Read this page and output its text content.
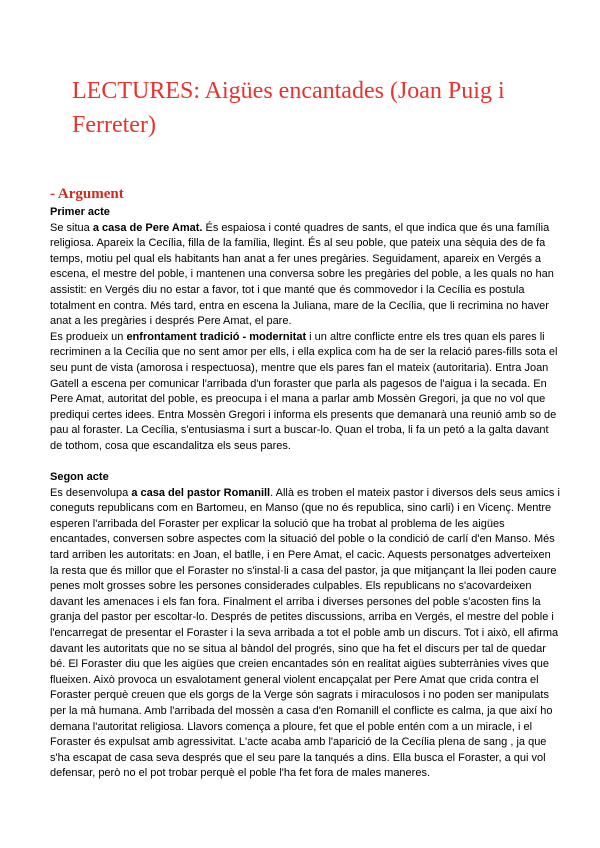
LECTURES: Aigües encantades (Joan Puig i Ferreter)
- Argument
Primer acte

Se situa a casa de Pere Amat. És espaiosa i conté quadres de sants, el que indica que és una família religiosa. Apareix la Cecília, filla de la família, llegint. És al seu poble, que pateix una sèquia des de fa temps, motiu pel qual els habitants han anat a fer unes pregàries. Seguidament, apareix en Vergés a escena, el mestre del poble, i mantenen una conversa sobre les pregàries del poble, a les quals no han assistit: en Vergés diu no estar a favor, tot i que manté que és commovedor i la Cecília es postula totalment en contra. Més tard, entra en escena la Juliana, mare de la Cecília, que li recrimina no haver anat a les pregàries i després Pere Amat, el pare.

Es produeix un enfrontament tradició - modernitat i un altre conflicte entre els tres quan els pares li recriminen a la Cecília que no sent amor per ells, i ella explica com ha de ser la relació pares-fills sota el seu punt de vista (amorosa i respectuosa), mentre que els pares fan el mateix (autoritaria). Entra Joan Gatell a escena per comunicar l'arribada d'un foraster que parla als pagesos de l'aigua i la secada. En Pere Amat, autoritat del poble, es preocupa i el mana a parlar amb Mossèn Gregori, ja que no vol que prediqui certes idees. Entra Mossèn Gregori i informa els presents que demanarà una reunió amb so de pau al foraster. La Cecília, s'entusiasma i surt a buscar-lo. Quan el troba, li fa un petó a la galta davant de tothom, cosa que escandalitza els seus pares.

Segon acte

Es desenvolupa a casa del pastor Romanill. Allà es troben el mateix pastor i diversos dels seus amics i coneguts republicans com en Bartomeu, en Manso (que no és republica, sino carli) i en Vicenç. Mentre esperen l'arribada del Foraster per explicar la solució que ha trobat al problema de les aigües encantades, conversen sobre aspectes com la situació del poble o la condició de carlí d'en Manso. Més tard arriben les autoritats: en Joan, el batlle, i en Pere Amat, el cacic. Aquests personatges adverteixen la resta que és millor que el Foraster no s'instal·li a casa del pastor, ja que mitjançant la llei poden caure penes molt grosses sobre les persones considerades culpables. Els republicans no s'acovardeixen davant les amenaces i els fan fora. Finalment el arriba i diverses persones del poble s'acosten fins la granja del pastor per escoltar-lo. Després de petites discussions, arriba en Vergés, el mestre del poble i l'encarregat de presentar el Foraster i la seva arribada a tot el poble amb un discurs. Tot i això, ell afirma davant les autoritats que no se situa al bàndol del progrés, sino que ha fet el discurs per tal de quedar bé. El Foraster diu que les aigües que creien encantades són en realitat aigües subterrànies vives que flueixen. Això provoca un esvalotament general violent encapçalat per Pere Amat que crida contra el Foraster perquè creuen que els gorgs de la Verge són sagrats i miraculosos i no poden ser manipulats per la mà humana. Amb l'arribada del mossèn a casa d'en Romanill el conflicte es calma, ja que així ho demana l'autoritat religiosa. Llavors comença a ploure, fet que el poble entén com a un miracle, i el Foraster és expulsat amb agressivitat. L'acte acaba amb l'aparició de la Cecília plena de sang , ja que s'ha escapat de casa seva després que el seu pare la tanqués a dins. Ella busca el Foraster, a qui vol defensar, però no el pot trobar perquè el poble l'ha fet fora de males maneres.
